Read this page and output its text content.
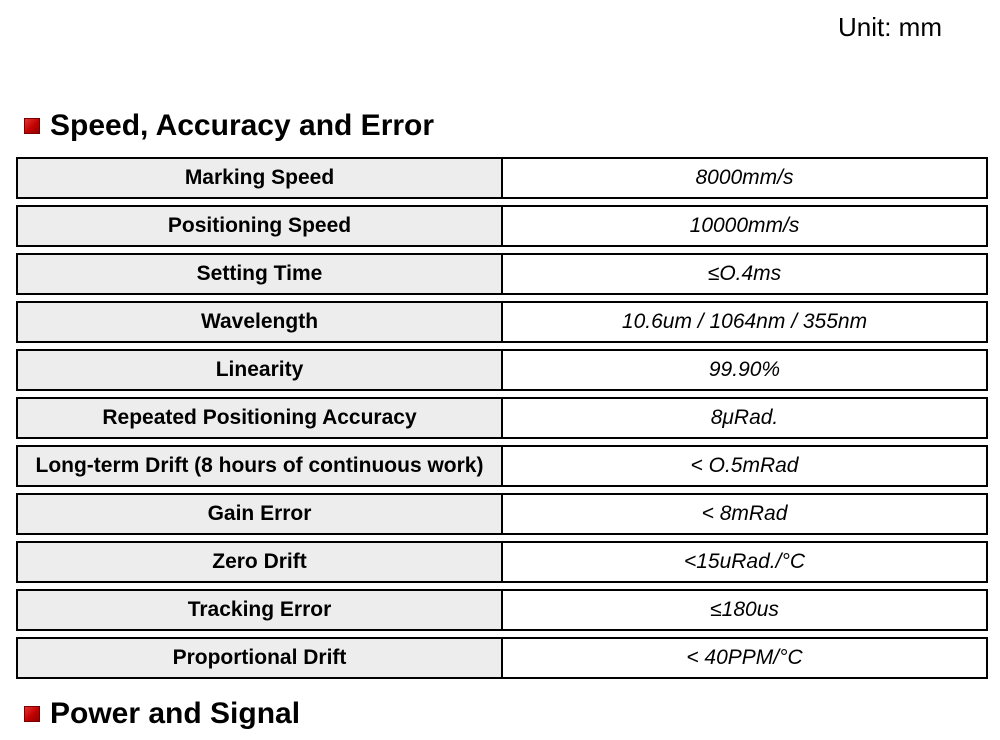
Unit: mm
Speed, Accuracy and Error
Marking Speed	8000mm/s
Positioning Speed	10000mm/s
Setting Time	≤O.4ms
Wavelength	10.6um / 1064nm / 355nm
Linearity	99.90%
Repeated Positioning Accuracy	8μRad.
Long-term Drift (8 hours of continuous work)	< O.5mRad
Gain Error	< 8mRad
Zero Drift	<15uRad./°C
Tracking Error	≤180us
Proportional Drift	< 40PPM/°C
Power and Signal
